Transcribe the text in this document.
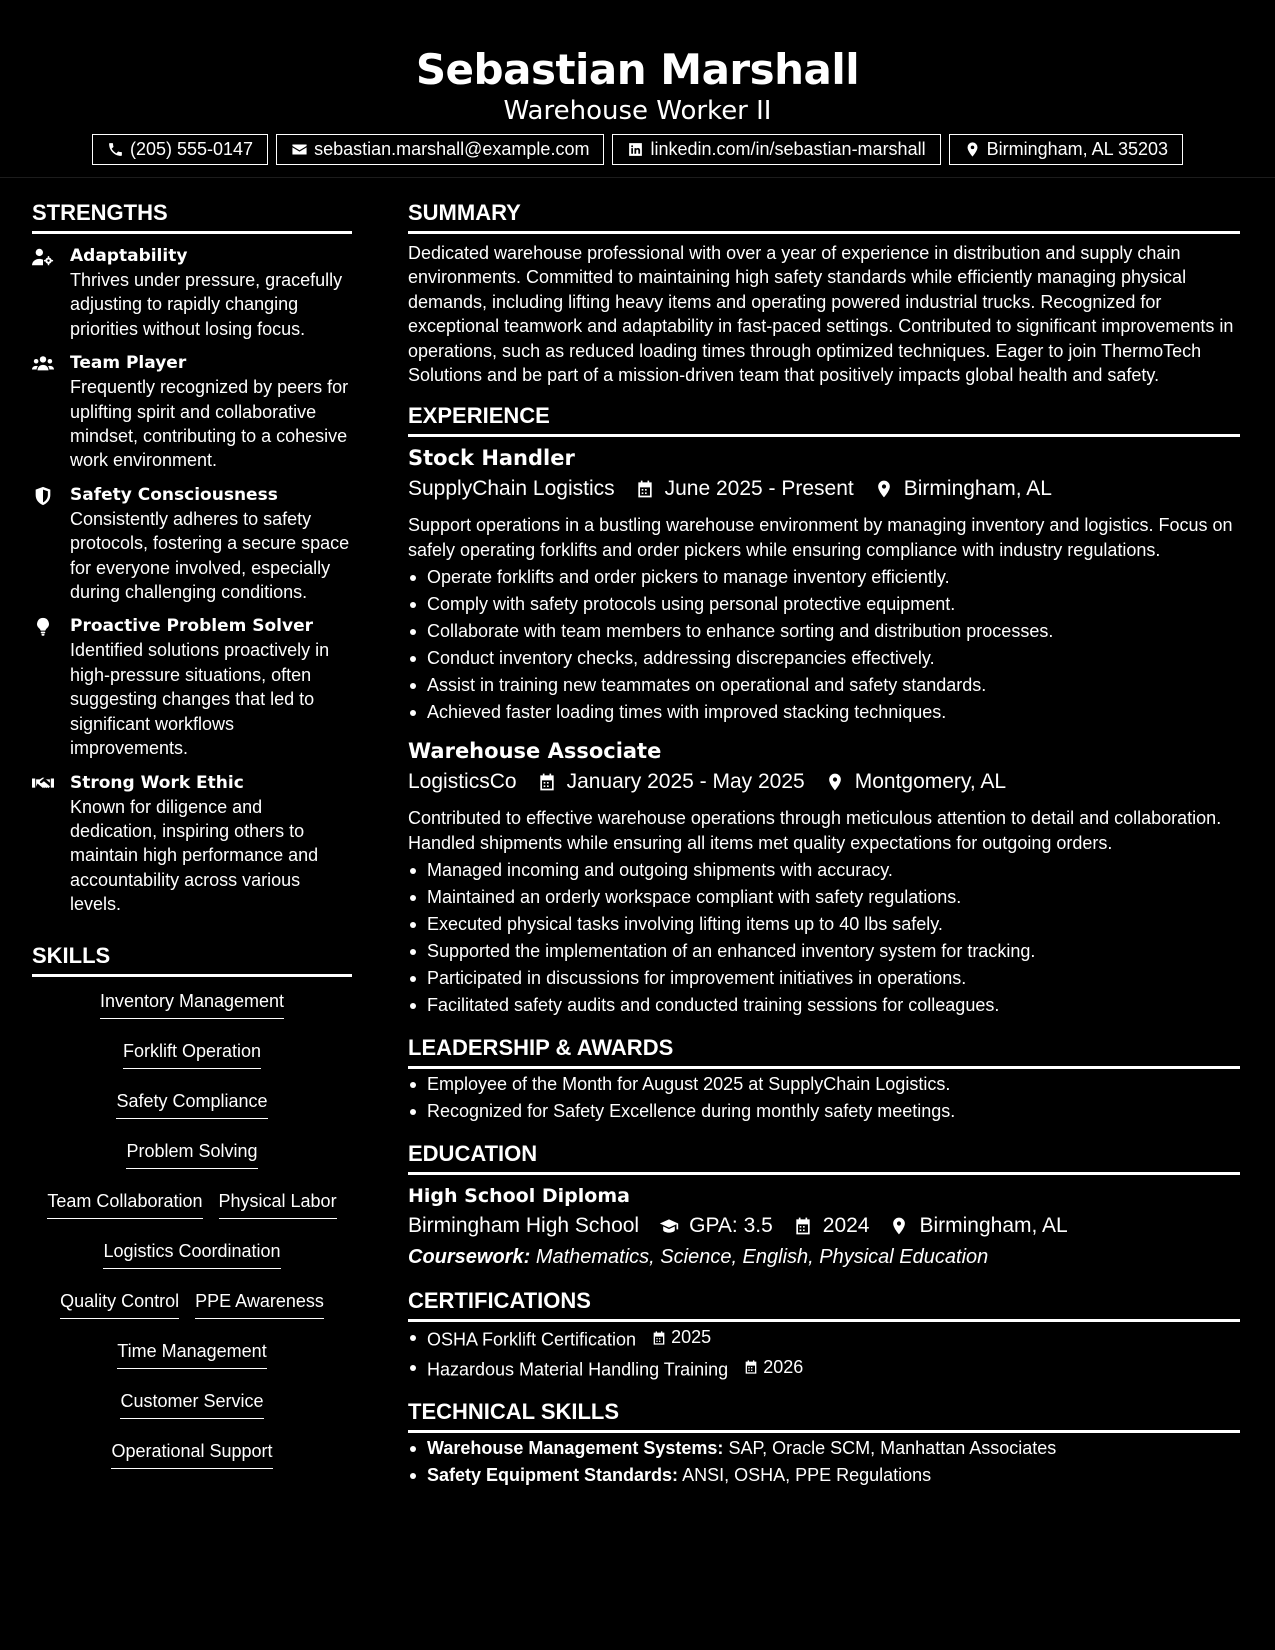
Sebastian Marshall
Warehouse Worker II
(205) 555-0147	sebastian.marshall@example.com	linkedin.com/in/sebastian-marshall	Birmingham, AL 35203
STRENGTHS
Adaptability
Thrives under pressure, gracefully adjusting to rapidly changing priorities without losing focus.
Team Player
Frequently recognized by peers for uplifting spirit and collaborative mindset, contributing to a cohesive work environment.
Safety Consciousness
Consistently adheres to safety protocols, fostering a secure space for everyone involved, especially during challenging conditions.
Proactive Problem Solver
Identified solutions proactively in high-pressure situations, often suggesting changes that led to significant workflows improvements.
Strong Work Ethic
Known for diligence and dedication, inspiring others to maintain high performance and accountability across various levels.
SKILLS
Inventory Management
Forklift Operation
Safety Compliance
Problem Solving
Team Collaboration Physical Labor
Logistics Coordination
Quality Control PPE Awareness
Time Management
Customer Service
Operational Support
SUMMARY
Dedicated warehouse professional with over a year of experience in distribution and supply chain environments. Committed to maintaining high safety standards while efficiently managing physical demands, including lifting heavy items and operating powered industrial trucks. Recognized for exceptional teamwork and adaptability in fast-paced settings. Contributed to significant improvements in operations, such as reduced loading times through optimized techniques. Eager to join ThermoTech Solutions and be part of a mission-driven team that positively impacts global health and safety.
EXPERIENCE
Stock Handler
SupplyChain Logistics June 2025 - Present Birmingham, AL
Support operations in a bustling warehouse environment by managing inventory and logistics. Focus on safely operating forklifts and order pickers while ensuring compliance with industry regulations.
Operate forklifts and order pickers to manage inventory efficiently.
Comply with safety protocols using personal protective equipment.
Collaborate with team members to enhance sorting and distribution processes.
Conduct inventory checks, addressing discrepancies effectively.
Assist in training new teammates on operational and safety standards.
Achieved faster loading times with improved stacking techniques.
Warehouse Associate
LogisticsCo January 2025 - May 2025 Montgomery, AL
Contributed to effective warehouse operations through meticulous attention to detail and collaboration. Handled shipments while ensuring all items met quality expectations for outgoing orders.
Managed incoming and outgoing shipments with accuracy.
Maintained an orderly workspace compliant with safety regulations.
Executed physical tasks involving lifting items up to 40 lbs safely.
Supported the implementation of an enhanced inventory system for tracking.
Participated in discussions for improvement initiatives in operations.
Facilitated safety audits and conducted training sessions for colleagues.
LEADERSHIP & AWARDS
Employee of the Month for August 2025 at SupplyChain Logistics.
Recognized for Safety Excellence during monthly safety meetings.
EDUCATION
High School Diploma
Birmingham High School GPA: 3.5 2024 Birmingham, AL
Coursework: Mathematics, Science, English, Physical Education
CERTIFICATIONS
OSHA Forklift Certification 2025
Hazardous Material Handling Training 2026
TECHNICAL SKILLS
Warehouse Management Systems: SAP, Oracle SCM, Manhattan Associates
Safety Equipment Standards: ANSI, OSHA, PPE Regulations
